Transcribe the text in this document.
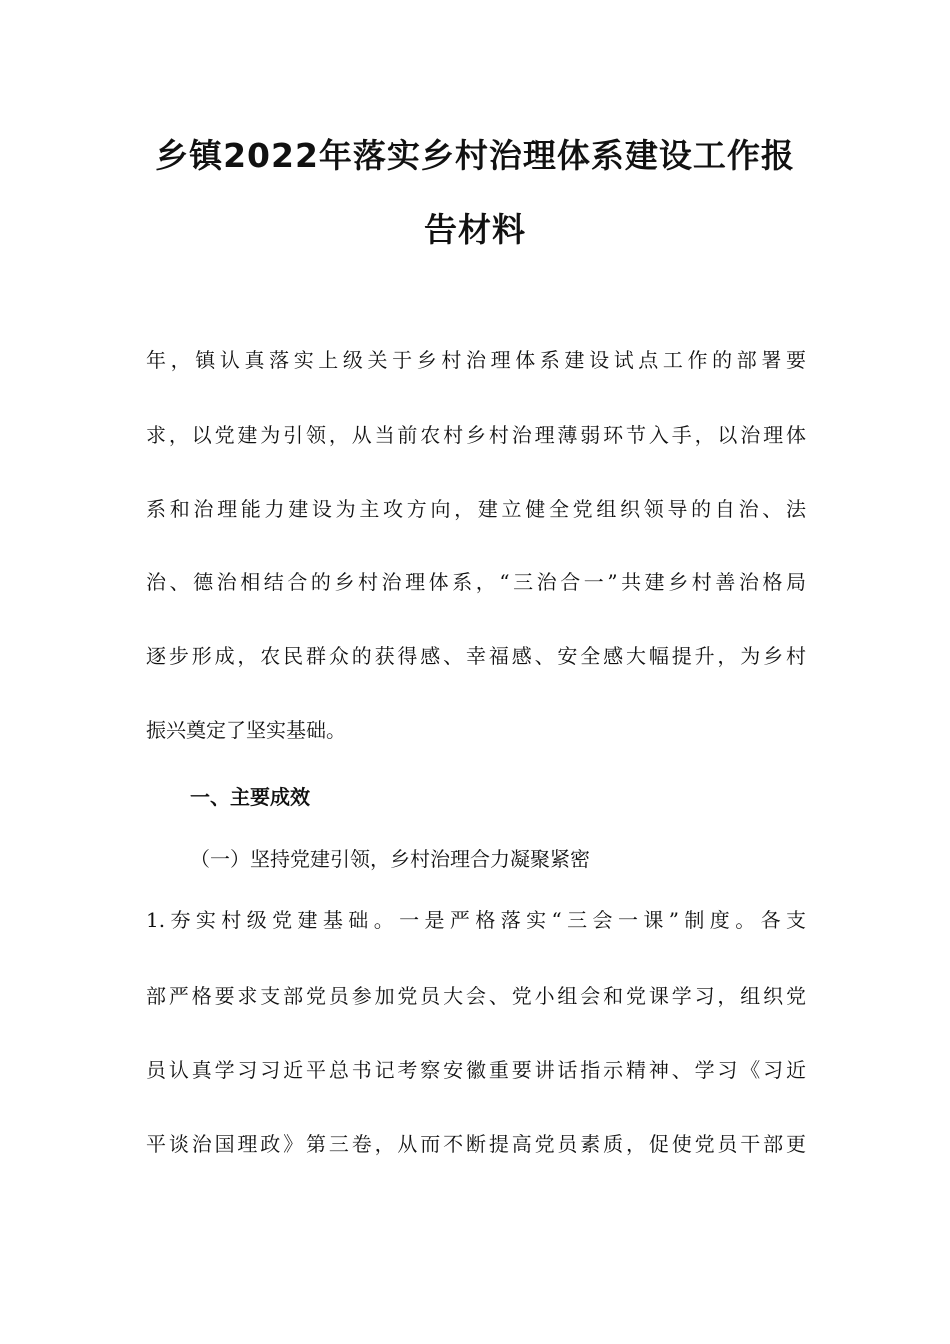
乡镇2022年落实乡村治理体系建设工作报
告材料
年，镇认真落实上级关于乡村治理体系建设试点工作的部署要
求，以党建为引领，从当前农村乡村治理薄弱环节入手，以治理体
系和治理能力建设为主攻方向，建立健全党组织领导的自治、法
治、德治相结合的乡村治理体系，“三治合一”共建乡村善治格局
逐步形成，农民群众的获得感、幸福感、安全感大幅提升，为乡村
振兴奠定了坚实基础。
一、主要成效
（一）坚持党建引领，乡村治理合力凝聚紧密
1.夯实村级党建基础。一是严格落实“三会一课”制度。各支
部严格要求支部党员参加党员大会、党小组会和党课学习，组织党
员认真学习习近平总书记考察安徽重要讲话指示精神、学习《习近
平谈治国理政》第三卷，从而不断提高党员素质，促使党员干部更
